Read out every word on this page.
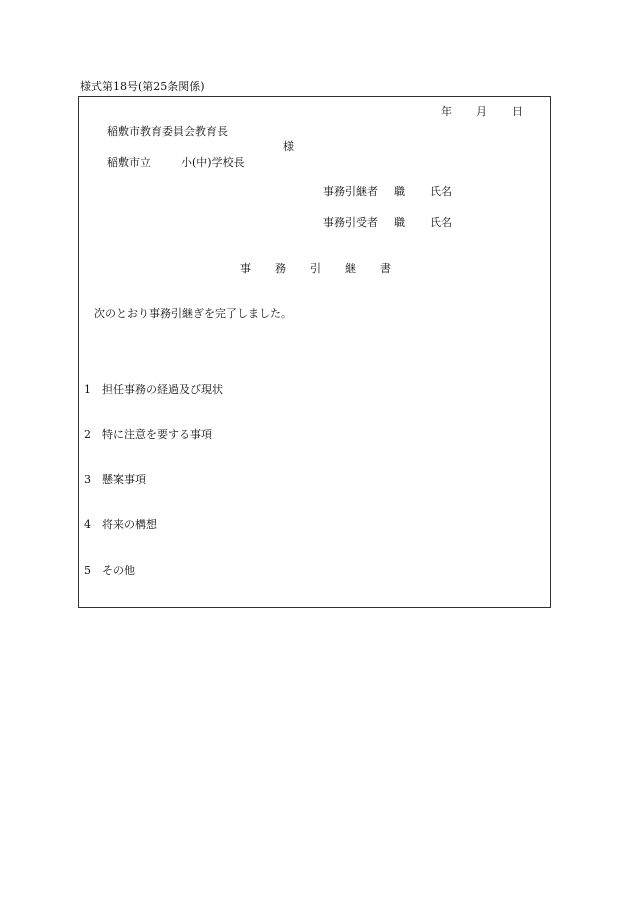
様式第18号(第25条関係)
年 月 日
稲敷市教育委員会教育長
様
稲敷市立	小(中)学校長
事務引継者 職 氏名
事務引受者 職 氏名
事 務 引 継 書
次のとおり事務引継ぎを完了しました。
1 担任事務の経過及び現状
2 特に注意を要する事項
3 懸案事項
4 将来の構想
5 その他
